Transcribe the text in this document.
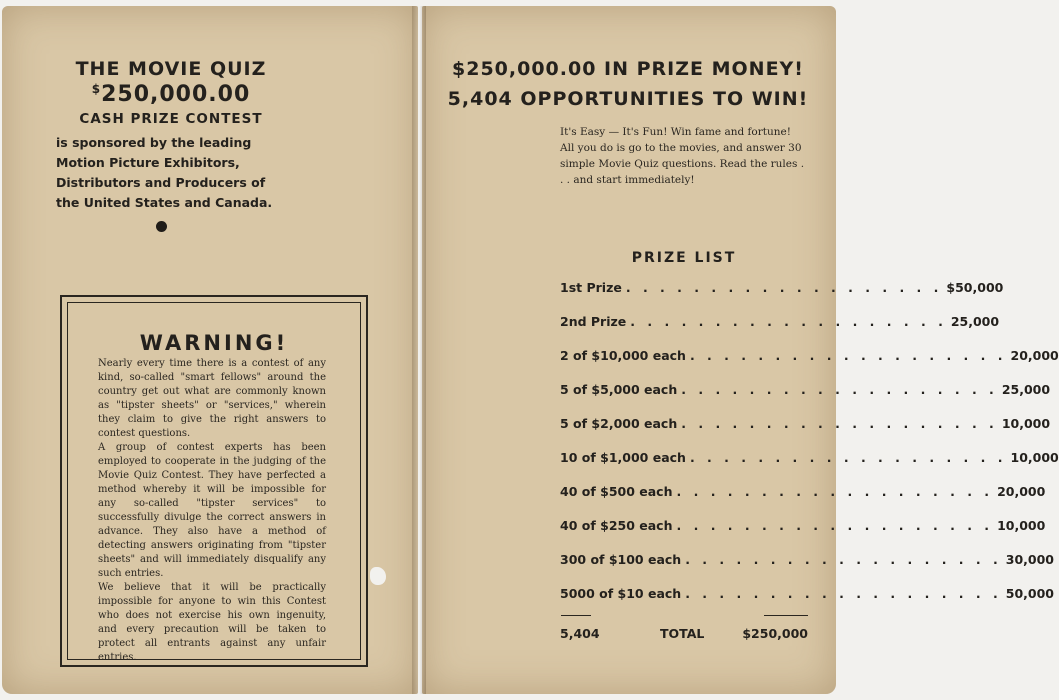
THE MOVIE QUIZ

$250,000.00

CASH PRIZE CONTEST

is sponsored by the leading Motion Picture Exhibitors, Distributors and Producers of the United States and Canada.

WARNING!

Nearly every time there is a contest of any kind, so-called "smart fellows" around the country get out what are commonly known as "tipster sheets" or "services," wherein they claim to give the right answers to contest questions.

A group of contest experts has been employed to cooperate in the judging of the Movie Quiz Contest. They have perfected a method whereby it will be impossible for any so-called "tipster services" to successfully divulge the correct answers in advance. They also have a method of detecting answers originating from "tipster sheets" and will immediately disqualify any such entries.

We believe that it will be practically impossible for anyone to win this Contest who does not exercise his own ingenuity, and every precaution will be taken to protect all entrants against any unfair entries.

$250,000.00 IN PRIZE MONEY!

5,404 OPPORTUNITIES TO WIN!

It's Easy — It's Fun! Win fame and fortune! All you do is go to the movies, and answer 30 simple Movie Quiz questions. Read the rules . . . and start immediately!

PRIZE LIST
1st Prize . . . . . . . . . . . . . . . . . . . $50,000
2nd Prize . . . . . . . . . . . . . . . . . . . 25,000
2 of $10,000 each . . . . . . . . . . . . . . . . . . . 20,000
5 of $5,000 each . . . . . . . . . . . . . . . . . . . 25,000
5 of $2,000 each . . . . . . . . . . . . . . . . . . . 10,000
10 of $1,000 each . . . . . . . . . . . . . . . . . . . 10,000
40 of $500 each . . . . . . . . . . . . . . . . . . . 20,000
40 of $250 each . . . . . . . . . . . . . . . . . . . 10,000
300 of $100 each . . . . . . . . . . . . . . . . . . . 30,000
5000 of $10 each . . . . . . . . . . . . . . . . . . . 50,000
5,404	TOTAL	$250,000
